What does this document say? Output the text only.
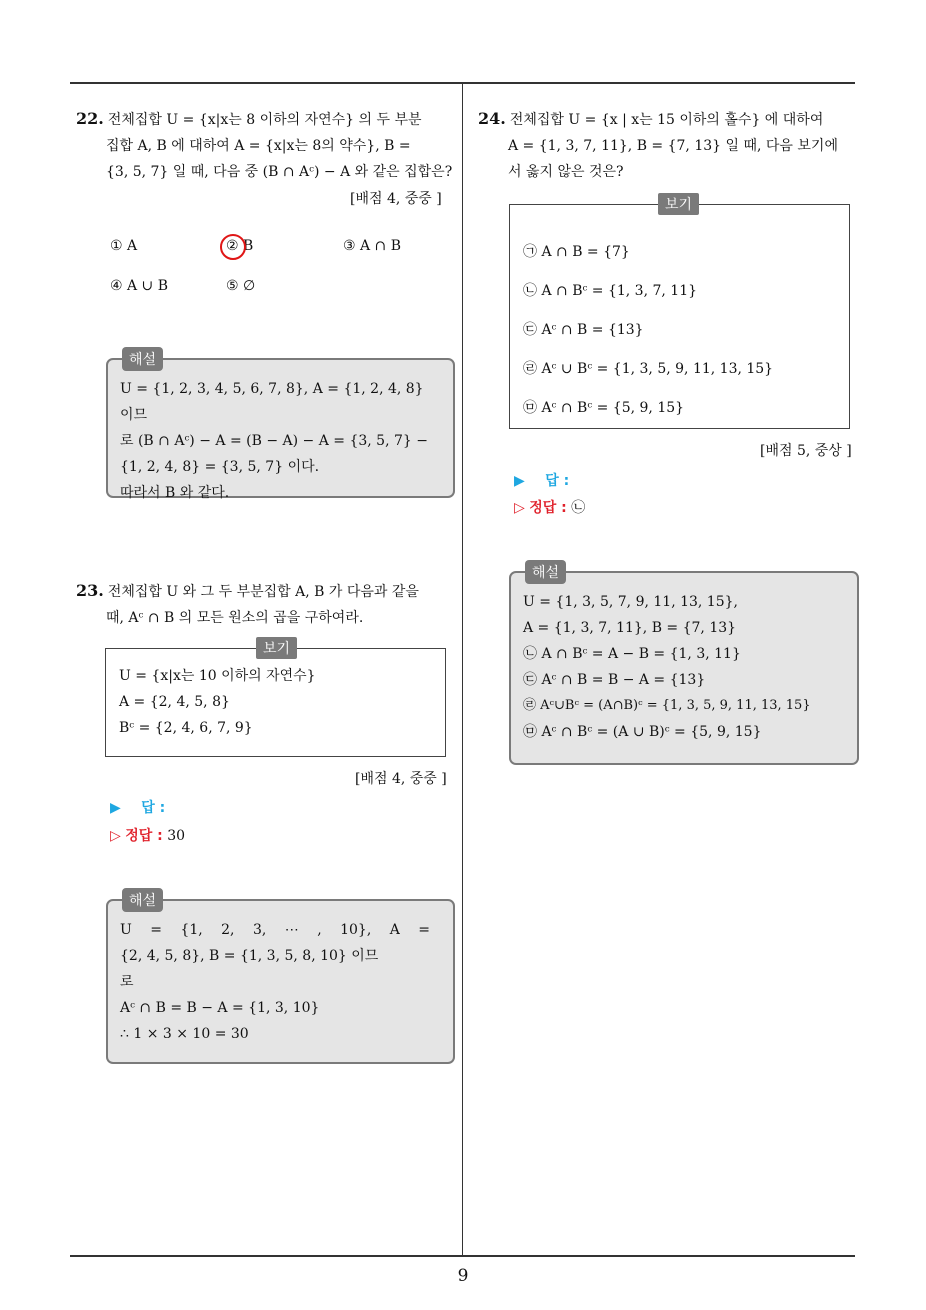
9
22. 전체집합 U = {x|x는 8 이하의 자연수} 의 두 부분
집합 A, B 에 대하여 A = {x|x는 8의 약수}, B =
{3, 5, 7} 일 때, 다음 중 (B ∩ Aᶜ) − A 와 같은 집합은?
[배점 4, 중중 ]
① A	② B	③ A ∩ B
④ A ∪ B	⑤ ∅
해설
U = {1, 2, 3, 4, 5, 6, 7, 8}, A = {1, 2, 4, 8} 이므
로 (B ∩ Aᶜ) − A = (B − A) − A = {3, 5, 7} −
{1, 2, 4, 8} = {3, 5, 7} 이다.
따라서 B 와 같다.
23. 전체집합 U 와 그 두 부분집합 A, B 가 다음과 같을
때, Aᶜ ∩ B 의 모든 원소의 곱을 구하여라.
보기
U = {x|x는 10 이하의 자연수}
A = {2, 4, 5, 8}
Bᶜ = {2, 4, 6, 7, 9}
[배점 4, 중중 ]
▶ 답 :
▷ 정답 : 30
해설
U = {1, 2, 3, ⋯ , 10}, A =
{2, 4, 5, 8}, B = {1, 3, 5, 8, 10} 이므
로
Aᶜ ∩ B = B − A = {1, 3, 10}
∴ 1 × 3 × 10 = 30
24. 전체집합 U = {x | x는 15 이하의 홀수} 에 대하여
A = {1, 3, 7, 11}, B = {7, 13} 일 때, 다음 보기에
서 옳지 않은 것은?
보기
㉠ A ∩ B = {7}
㉡ A ∩ Bᶜ = {1, 3, 7, 11}
㉢ Aᶜ ∩ B = {13}
㉣ Aᶜ ∪ Bᶜ = {1, 3, 5, 9, 11, 13, 15}
㉤ Aᶜ ∩ Bᶜ = {5, 9, 15}
[배점 5, 중상 ]
▶ 답 :
▷ 정답 : ㉡
해설
U = {1, 3, 5, 7, 9, 11, 13, 15},
A = {1, 3, 7, 11}, B = {7, 13}
㉡ A ∩ Bᶜ = A − B = {1, 3, 11}
㉢ Aᶜ ∩ B = B − A = {13}
㉣ Aᶜ∪Bᶜ = (A∩B)ᶜ = {1, 3, 5, 9, 11, 13, 15}
㉤ Aᶜ ∩ Bᶜ = (A ∪ B)ᶜ = {5, 9, 15}
